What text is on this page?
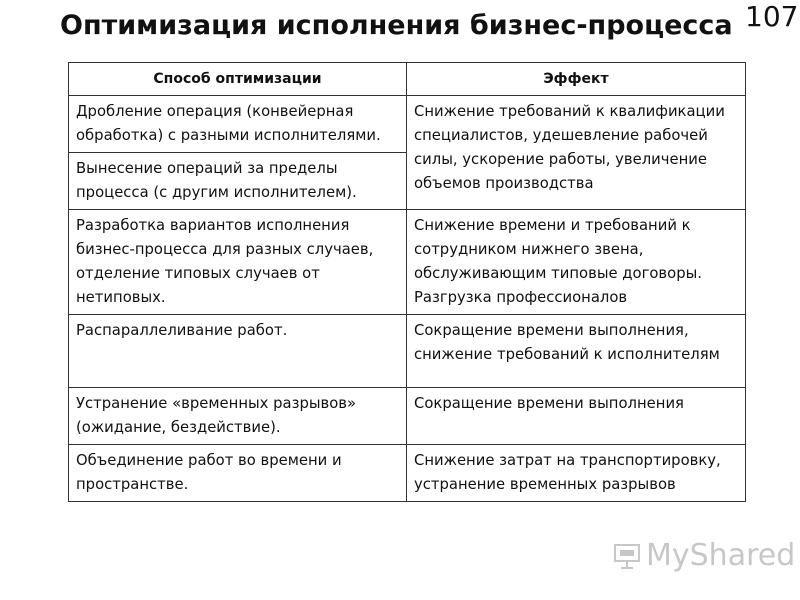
Оптимизация исполнения бизнес-процесса 107
Способ оптимизации	Эффект
Дробление операция (конвейерная обработка) с разными исполнителями.	Снижение требований к квалификации специалистов, удешевление рабочей силы, ускорение работы, увеличение объемов производства
Вынесение операций за пределы процесса (с другим исполнителем).	
Разработка вариантов исполнения бизнес-процесса для разных случаев, отделение типовых случаев от нетиповых.	Снижение времени и требований к сотрудником нижнего звена, обслуживающим типовые договоры. Разгрузка профессионалов
Распараллеливание работ.	Сокращение времени выполнения, снижение требований к исполнителям
Устранение «временных разрывов» (ожидание, бездействие).	Сокращение времени выполнения
Объединение работ во времени и пространстве.	Снижение затрат на транспортировку, устранение временных разрывов
MyShared
